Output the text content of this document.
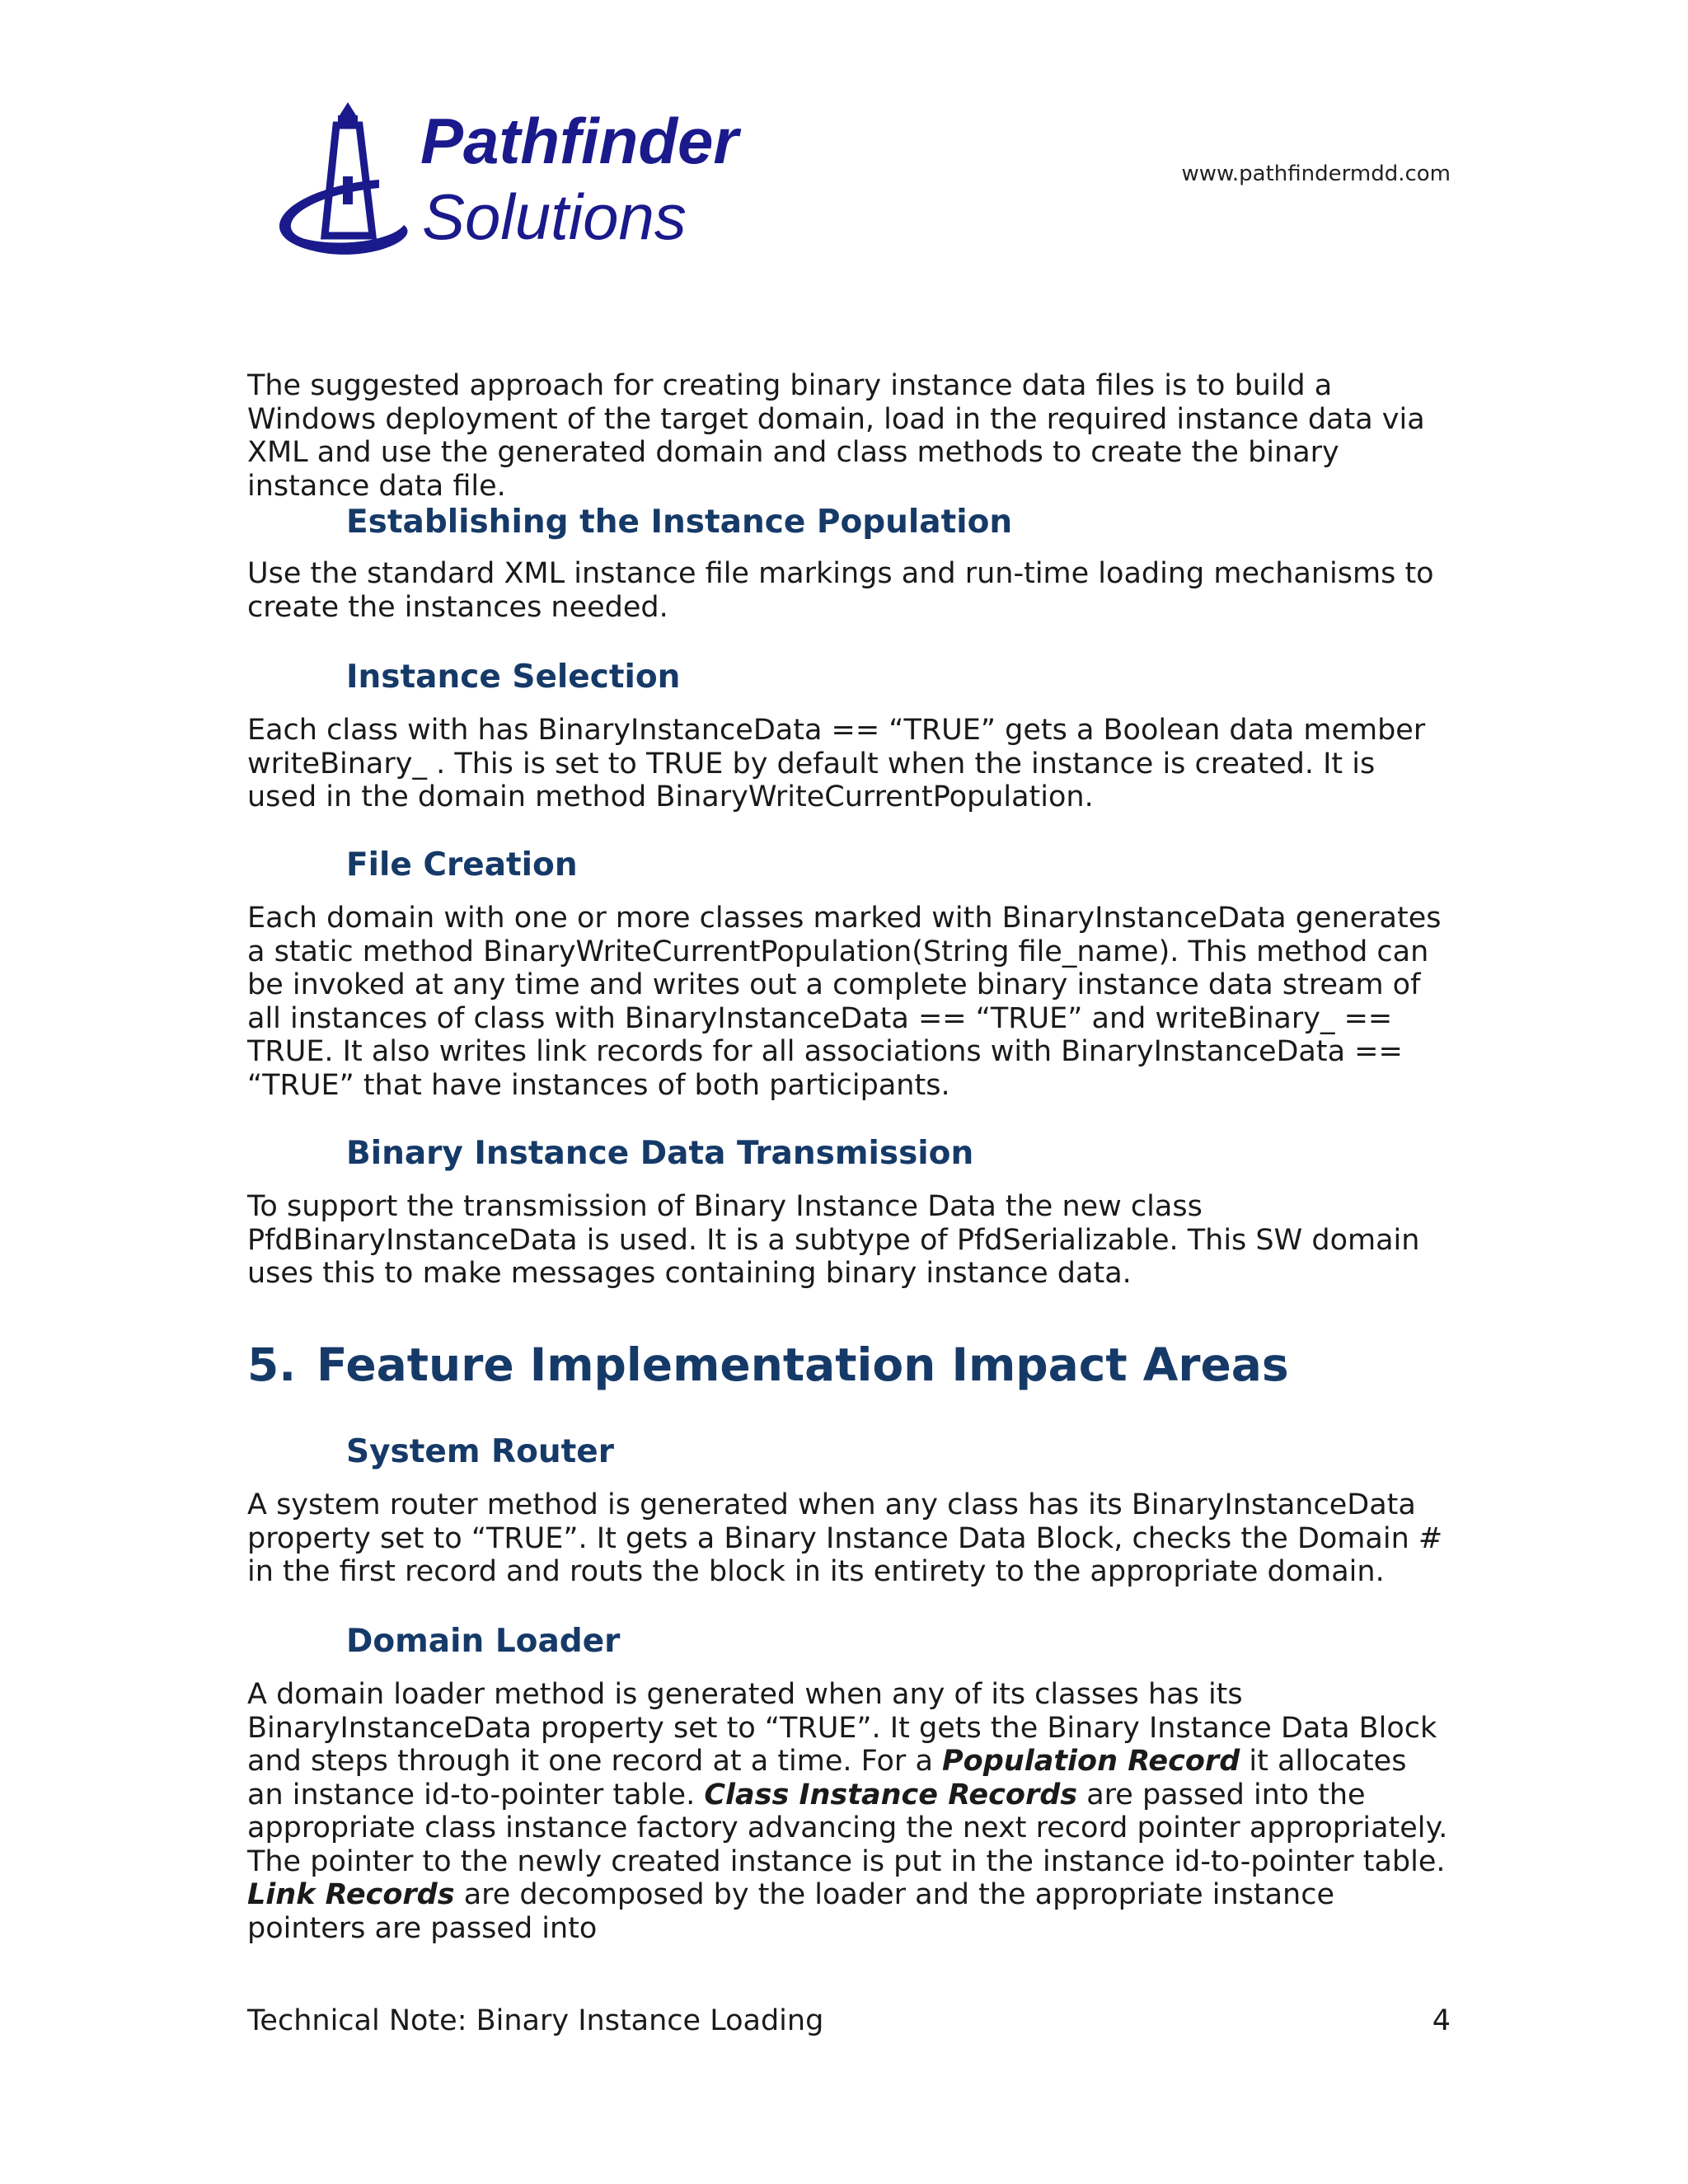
Pathfinder
Solutions
www.pathfindermdd.com

The suggested approach for creating binary instance data files is to build a Windows deployment of the target domain, load in the required instance data via XML and use the generated domain and class methods to create the binary instance data file.

Establishing the Instance Population

Use the standard XML instance file markings and run-time loading mechanisms to create the instances needed.

Instance Selection

Each class with has BinaryInstanceData == “TRUE” gets a Boolean data member writeBinary_ . This is set to TRUE by default when the instance is created. It is used in the domain method BinaryWriteCurrentPopulation.

File Creation

Each domain with one or more classes marked with BinaryInstanceData generates a static method BinaryWriteCurrentPopulation(String file_name). This method can be invoked at any time and writes out a complete binary instance data stream of all instances of class with BinaryInstanceData == “TRUE” and writeBinary_ == TRUE. It also writes link records for all associations with BinaryInstanceData == “TRUE” that have instances of both participants.

Binary Instance Data Transmission

To support the transmission of Binary Instance Data the new class PfdBinaryInstanceData is used. It is a subtype of PfdSerializable. This SW domain uses this to make messages containing binary instance data.

5. Feature Implementation Impact Areas
System Router

A system router method is generated when any class has its BinaryInstanceData property set to “TRUE”. It gets a Binary Instance Data Block, checks the Domain # in the first record and routs the block in its entirety to the appropriate domain.

Domain Loader

A domain loader method is generated when any of its classes has its BinaryInstanceData property set to “TRUE”. It gets the Binary Instance Data Block and steps through it one record at a time. For a Population Record it allocates an instance id-to-pointer table. Class Instance Records are passed into the appropriate class instance factory advancing the next record pointer appropriately. The pointer to the newly created instance is put in the instance id-to-pointer table. Link Records are decomposed by the loader and the appropriate instance pointers are passed into

Technical Note: Binary Instance Loading	4
